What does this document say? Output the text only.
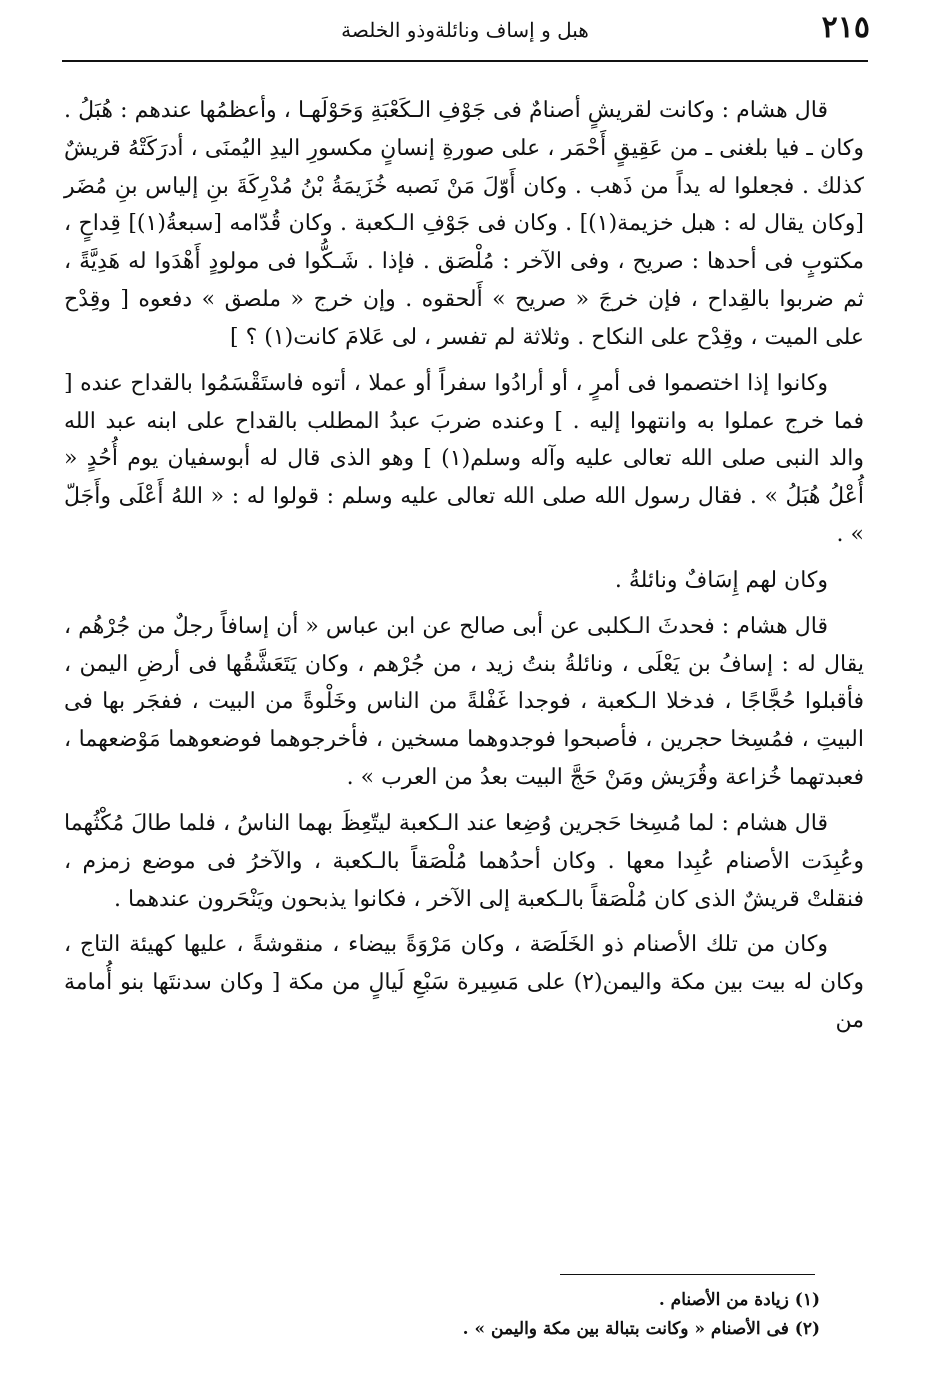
٢١٥
هبل و إساف ونائلةوذو الخلصة

قال هشام : وكانت لقريشٍ أصنامٌ فى جَوْفِ الـكَعْبَةِ وَحَوْلَهـا ، وأعظمُها عندهم : هُبَلُ . وكان ـ فيا بلغنى ـ من عَقِيقٍ أَحْمَر ، على صورةِ إنسانٍ مكسورِ اليدِ اليُمنَى ، أدرَكَتْهُ قريشٌ كذلك . فجعلوا له يداً من ذَهب . وكان أَوّلَ مَنْ نَصبه خُزَيمَةُ بْنُ مُدْرِكَةَ بنِ إلياس بنِ مُضَر [وكان يقال له : هبل خزيمة(١)] . وكان فى جَوْفِ الـكعبة . وكان قُدّامه [سبعةُ(١)] قِداحٍ ، مكتوبٍ فى أحدها : صريح ، وفى الآخر : مُلْصَق . فإذا . شَـكُّوا فى مولودٍ أَهْدَوا له هَدِيَّةً ، ثم ضربوا بالقِداح ، فإن خرجَ « صريح » أَلحقوه . وإن خرج « ملصق » دفعوه [ وقِدْح على الميت ، وقِدْح على النكاح . وثلاثة لم تفسر ، لى عَلامَ كانت(١) ؟ ]

وكانوا إذا اختصموا فى أمرٍ ، أو أرادُوا سفراً أو عملا ، أتوه فاستَقْسَمُوا بالقداح عنده [ فما خرج عملوا به وانتهوا إليه . ] وعنده ضربَ عبدُ المطلب بالقداح على ابنه عبد الله والد النبى صلى الله تعالى عليه وآله وسلم(١) ] وهو الذى قال له أبوسفيان يوم أُحُدٍ « أُعْلُ هُبَلُ » . فقال رسول الله صلى الله تعالى عليه وسلم : قولوا له : « اللهُ أَعْلَى وأَجَلّ » .

وكان لهم إِسَافٌ ونائلةُ .

قال هشام : فحدثَ الـكلبى عن أبى صالح عن ابن عباس « أن إسافاً رجلٌ من جُرْهُم ، يقال له : إسافُ بن يَعْلَى ، ونائلةُ بنتُ زيد ، من جُرْهم ، وكان يَتَعَشَّقُها فى أرضِ اليمن ، فأقبلوا حُجَّاجًا ، فدخلا الـكعبة ، فوجدا غَفْلةً من الناس وخَلْوةً من البيت ، ففجَر بها فى البيتِ ، فمُسِخا حجرين ، فأصبحوا فوجدوهما مسخين ، فأخرجوهما فوضعوهما مَوْضعهما ، فعبدتهما خُزاعة وقُرَيش ومَنْ حَجَّ البيت بعدُ من العرب » .

قال هشام : لما مُسِخا حَجرين وُضِعا عند الـكعبة ليتّعِظَ بهما الناسُ ، فلما طالَ مُكْثُهما وعُبِدَت الأصنام عُبِدا معها . وكان أحدُهما مُلْصَقاً بالـكعبة ، والآخرُ فى موضع زمزم ، فنقلتْ قريشٌ الذى كان مُلْصَقاً بالـكعبة إلى الآخر ، فكانوا يذبحون ويَنْحَرون عندهما .

وكان من تلك الأصنام ذو الخَلَصَة ، وكان مَرْوَةً بيضاء ، منقوشةً ، عليها كهيئة التاج ، وكان له بيت بين مكة واليمن(٢) على مَسِيرة سَبْعِ لَيالٍ من مكة [ وكان سدنتَها بنو أُمامة من

(١) زيادة من الأصنام .

(٢) فى الأصنام « وكانت بتبالة بين مكة واليمن » .
